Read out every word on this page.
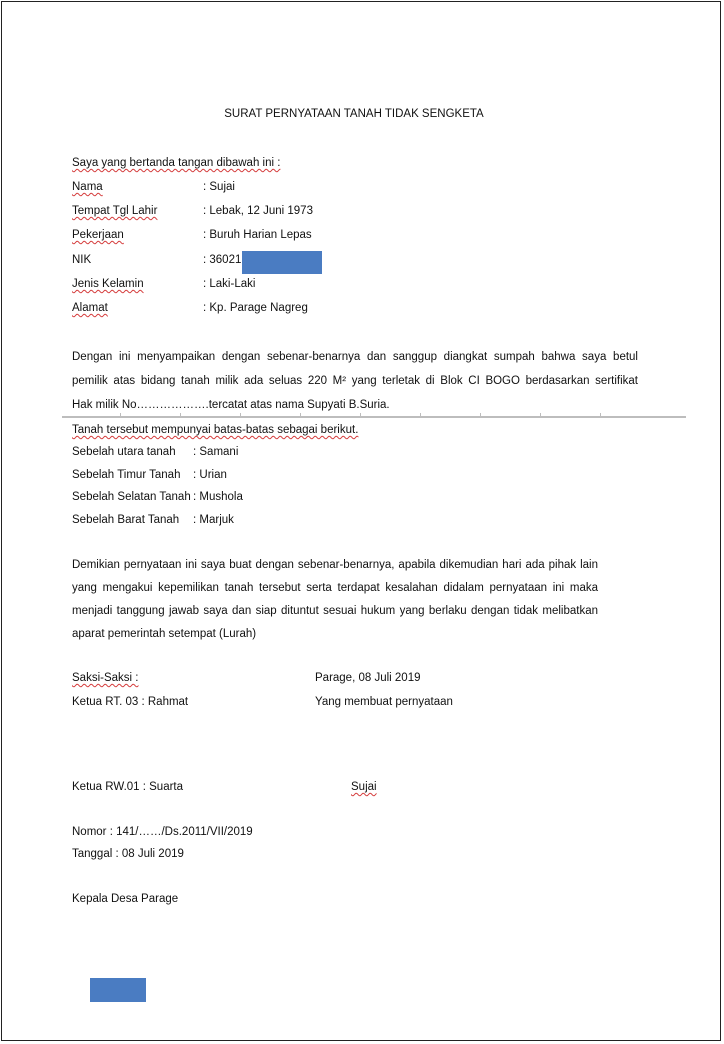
SURAT PERNYATAAN TANAH TIDAK SENGKETA
Saya yang bertanda tangan dibawah ini :
Nama	: Sujai
Tempat Tgl Lahir	: Lebak, 12 Juni 1973
Pekerjaan	: Buruh Harian Lepas
NIK	: 36021
Jenis Kelamin	: Laki-Laki
Alamat	: Kp. Parage Nagreg
Dengan ini menyampaikan dengan sebenar-benarnya dan sanggup diangkat sumpah bahwa saya betul
pemilik atas bidang tanah milik ada seluas 220 M² yang terletak di Blok CI BOGO berdasarkan sertifikat
Hak milik No……………….tercatat atas nama Supyati B.Suria.
Tanah tersebut mempunyai batas-batas sebagai berikut.
Sebelah utara tanah : Samani
Sebelah Timur Tanah : Urian
Sebelah Selatan Tanah : Mushola
Sebelah Barat Tanah : Marjuk
Demikian pernyataan ini saya buat dengan sebenar-benarnya, apabila dikemudian hari ada pihak lain
yang mengakui kepemilikan tanah tersebut serta terdapat kesalahan didalam pernyataan ini maka
menjadi tanggung jawab saya dan siap dituntut sesuai hukum yang berlaku dengan tidak melibatkan
aparat pemerintah setempat (Lurah)
Saksi-Saksi :	Parage, 08 Juli 2019
Ketua RT. 03 : Rahmat	Yang membuat pernyataan
Ketua RW.01 : Suarta	Sujai
Nomor : 141/……/Ds.2011/VII/2019
Tanggal : 08 Juli 2019
Kepala Desa Parage
